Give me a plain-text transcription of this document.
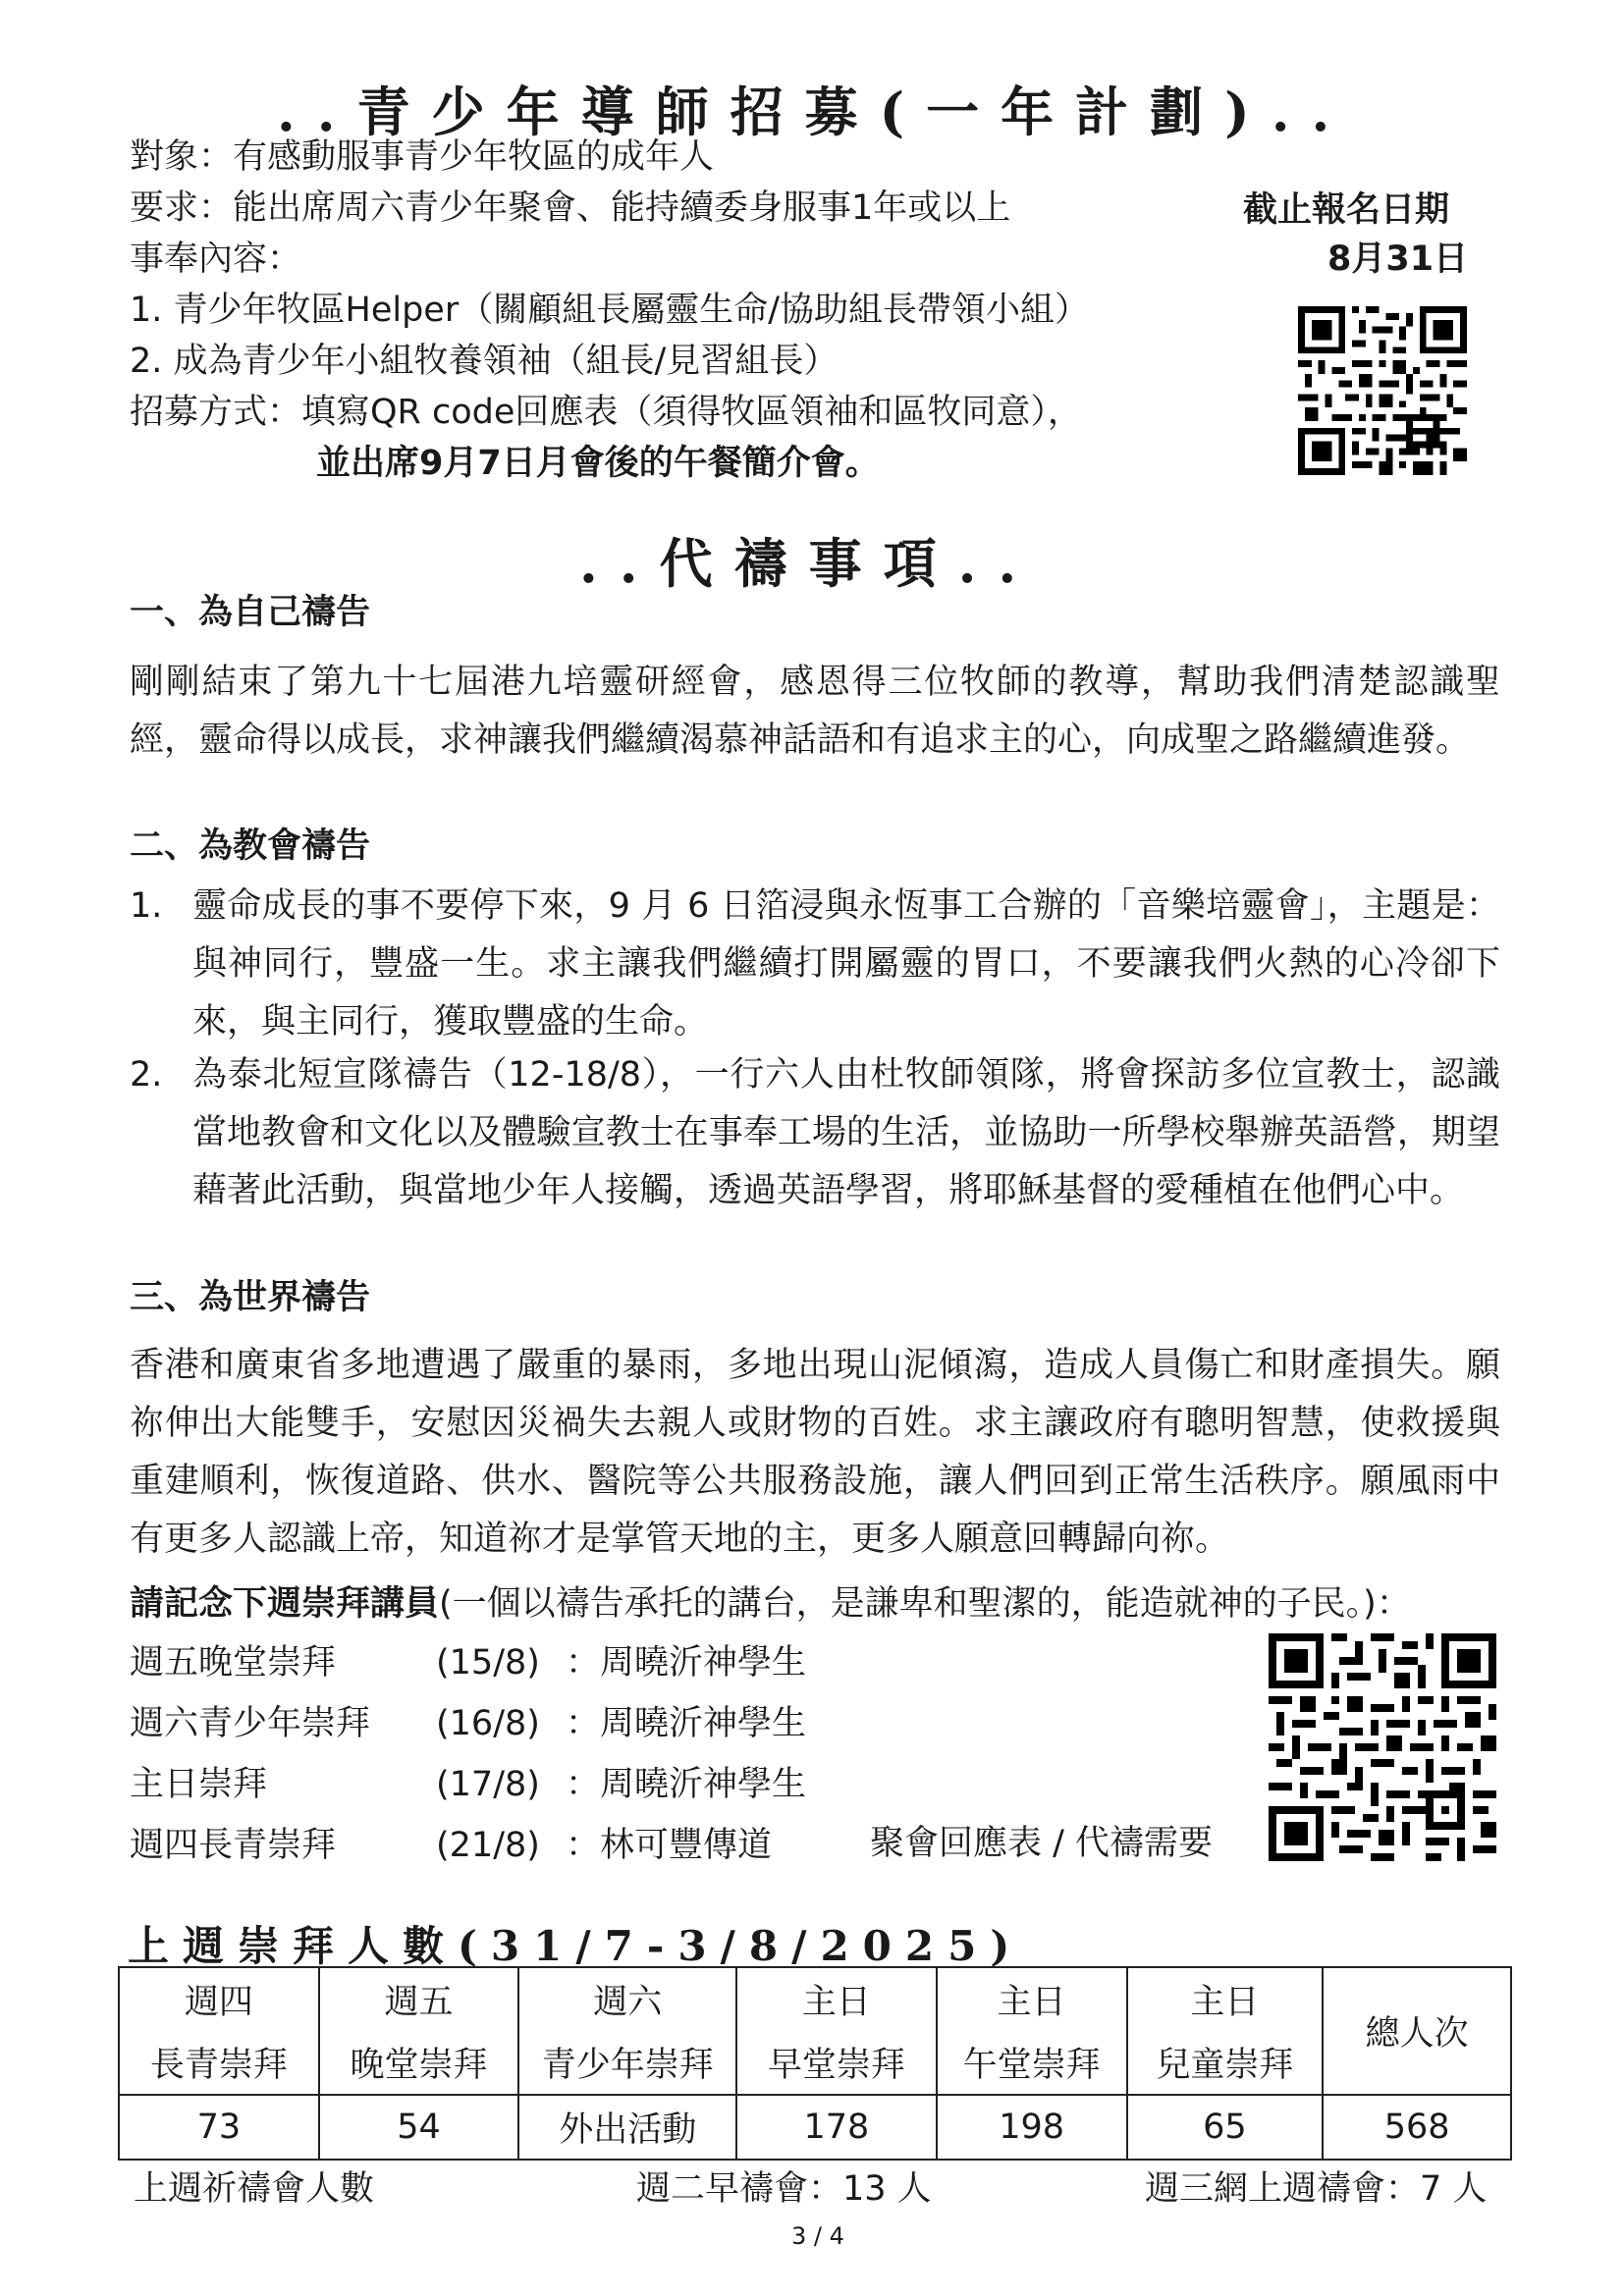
..青少年導師招募(一年計劃)..
對象：有感動服事青少年牧區的成年人
要求：能出席周六青少年聚會、能持續委身服事1年或以上
事奉內容：
1. 青少年牧區Helper（關顧組長屬靈生命/協助組長帶領小組）
2. 成為青少年小組牧養領袖（組長/見習組長）
招募方式：填寫QR code回應表（須得牧區領袖和區牧同意），
並出席9月7日月會後的午餐簡介會。
截止報名日期
8月31日
..代禱事項..
一、為自己禱告
剛剛結束了第九十七屆港九培靈研經會，感恩得三位牧師的教導，幫助我們清楚認識聖經，靈命得以成長，求神讓我們繼續渴慕神話語和有追求主的心，向成聖之路繼續進發。
二、為教會禱告
1. 靈命成長的事不要停下來，9 月 6 日箔浸與永恆事工合辦的「音樂培靈會」，主題是：與神同行，豐盛一生。求主讓我們繼續打開屬靈的胃口，不要讓我們火熱的心冷卻下來，與主同行，獲取豐盛的生命。
2. 為泰北短宣隊禱告（12-18/8），一行六人由杜牧師領隊，將會探訪多位宣教士，認識當地教會和文化以及體驗宣教士在事奉工場的生活，並協助一所學校舉辦英語營，期望藉著此活動，與當地少年人接觸，透過英語學習，將耶穌基督的愛種植在他們心中。
三、為世界禱告
香港和廣東省多地遭遇了嚴重的暴雨，多地出現山泥傾瀉，造成人員傷亡和財產損失。願祢伸出大能雙手，安慰因災禍失去親人或財物的百姓。求主讓政府有聰明智慧，使救援與重建順利，恢復道路、供水、醫院等公共服務設施，讓人們回到正常生活秩序。願風雨中有更多人認識上帝，知道祢才是掌管天地的主，更多人願意回轉歸向祢。
請記念下週崇拜講員(一個以禱告承托的講台，是謙卑和聖潔的，能造就神的子民。)：
週五晚堂崇拜	(15/8) ：周曉沂神學生
週六青少年崇拜 (16/8) ：周曉沂神學生
主日崇拜	(17/8) ：周曉沂神學生
週四長青崇拜	(21/8) ：林可豐傳道	聚會回應表 / 代禱需要
上週崇拜人數(31/7-3/8/2025)
週四	週五	週六	主日	主日	主日	總人次
長青崇拜	晚堂崇拜	青少年崇拜	早堂崇拜	午堂崇拜	兒童崇拜	
73	54	外出活動	178	198	65	568
上週祈禱會人數	週二早禱會：13 人	週三網上週禱會：7 人
3 / 4
